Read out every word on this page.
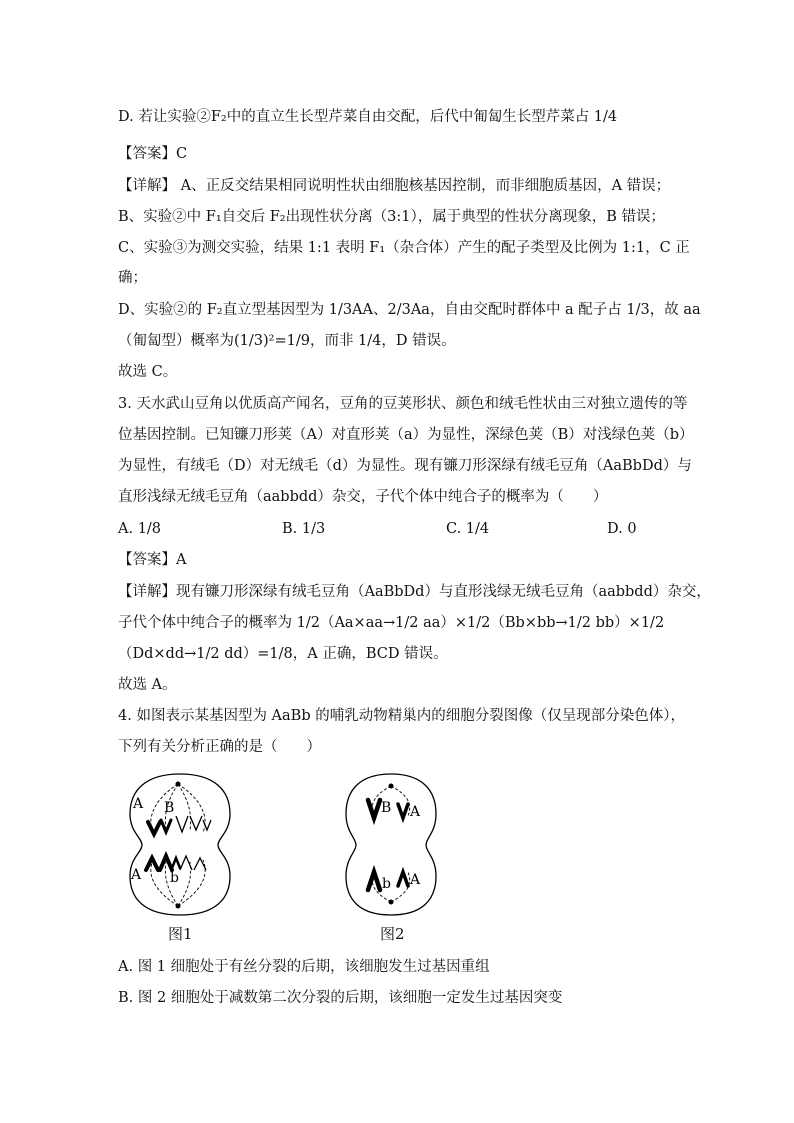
D. 若让实验②F₂中的直立生长型芹菜自由交配，后代中匍匐生长型芹菜占 1/4
【答案】C
【详解】 A、正反交结果相同说明性状由细胞核基因控制，而非细胞质基因，A 错误；
B、实验②中 F₁自交后 F₂出现性状分离（3:1），属于典型的性状分离现象，B 错误；
C、实验③为测交实验，结果 1:1 表明 F₁（杂合体）产生的配子类型及比例为 1:1，C 正
确；
D、实验②的 F₂直立型基因型为 1/3AA、2/3Aa，自由交配时群体中 a 配子占 1/3，故 aa
（匍匐型）概率为(1/3)²=1/9，而非 1/4，D 错误。
故选 C。
3. 天水武山豆角以优质高产闻名，豆角的豆荚形状、颜色和绒毛性状由三对独立遗传的等
位基因控制。已知镰刀形荚（A）对直形荚（a）为显性，深绿色荚（B）对浅绿色荚（b）
为显性，有绒毛（D）对无绒毛（d）为显性。现有镰刀形深绿有绒毛豆角（AaBbDd）与
直形浅绿无绒毛豆角（aabbdd）杂交，子代个体中纯合子的概率为（　　）
A. 1/8	B. 1/3	C. 1/4	D. 0
【答案】A
【详解】现有镰刀形深绿有绒毛豆角（AaBbDd）与直形浅绿无绒毛豆角（aabbdd）杂交，
子代个体中纯合子的概率为 1/2（Aa×aa→1/2 aa）×1/2（Bb×bb→1/2 bb）×1/2
（Dd×dd→1/2 dd）=1/8，A 正确，BCD 错误。
故选 A。
4. 如图表示某基因型为 AaBb 的哺乳动物精巢内的细胞分裂图像（仅呈现部分染色体），
下列有关分析正确的是（　　）
A B
A b
图1
B A
b A
图2
A. 图 1 细胞处于有丝分裂的后期，该细胞发生过基因重组
B. 图 2 细胞处于减数第二次分裂的后期，该细胞一定发生过基因突变
